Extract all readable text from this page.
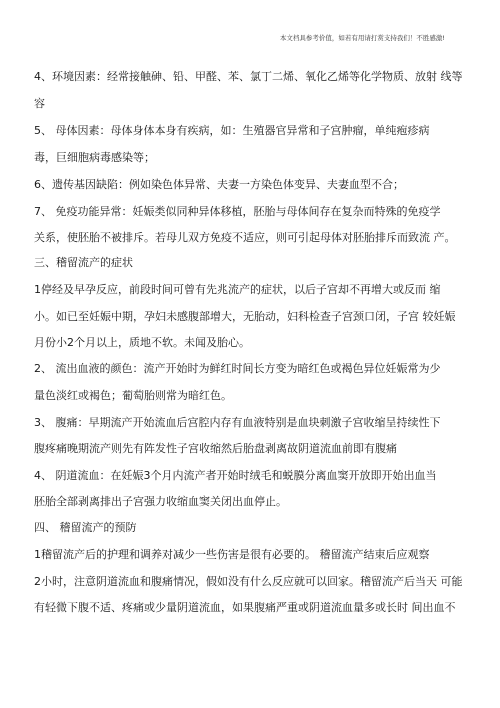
本文档具参考价值，如若有用请打赏支持我们！不胜感激!
4、环境因素：经常接触砷、铅、甲醛、苯、氯丁二烯、氧化乙烯等化学物质、放射 线等
容
5、 母体因素：母体身体本身有疾病，如：生殖器官异常和子宫肿瘤，单纯疱疹病
毒，巨细胞病毒感染等；
6、遗传基因缺陷：例如染色体异常、夫妻一方染色体变异、夫妻血型不合；
7、 免疫功能异常：妊娠类似同种异体移植，胚胎与母体间存在复杂而特殊的免疫学
关系，使胚胎不被排斥。若母儿双方免疫不适应，则可引起母体对胚胎排斥而致流 产。
三、稽留流产的症状
1停经及早孕反应，前段时间可曾有先兆流产的症状，以后子宫却不再增大或反而 缩
小。如已至妊娠中期，孕妇未感腹部增大，无胎动，妇科检查子宫颈口闭，子宫 较妊娠
月份小2个月以上，质地不软。未闻及胎心。
2、 流出血液的颜色：流产开始时为鲜红时间长方变为暗红色或褐色异位妊娠常为少
量色淡红或褐色；葡萄胎则常为暗红色。
3、 腹痛：早期流产开始流血后宫腔内存有血液特别是血块刺激子宫收缩呈持续性下
腹疼痛晚期流产则先有阵发性子宫收缩然后胎盘剥离故阴道流血前即有腹痛
4、 阴道流血：在妊娠3个月内流产者开始时绒毛和蜕膜分离血窦开放即开始出血当
胚胎全部剥离排出子宫强力收缩血窦关闭出血停止。
四、 稽留流产的预防
1稽留流产后的护理和调养对减少一些伤害是很有必要的。 稽留流产结束后应观察
2小时，注意阴道流血和腹痛情况，假如没有什么反应就可以回家。稽留流产后当天 可能
有轻微下腹不适、疼痛或少量阴道流血，如果腹痛严重或阴道流血量多或长时 间出血不
